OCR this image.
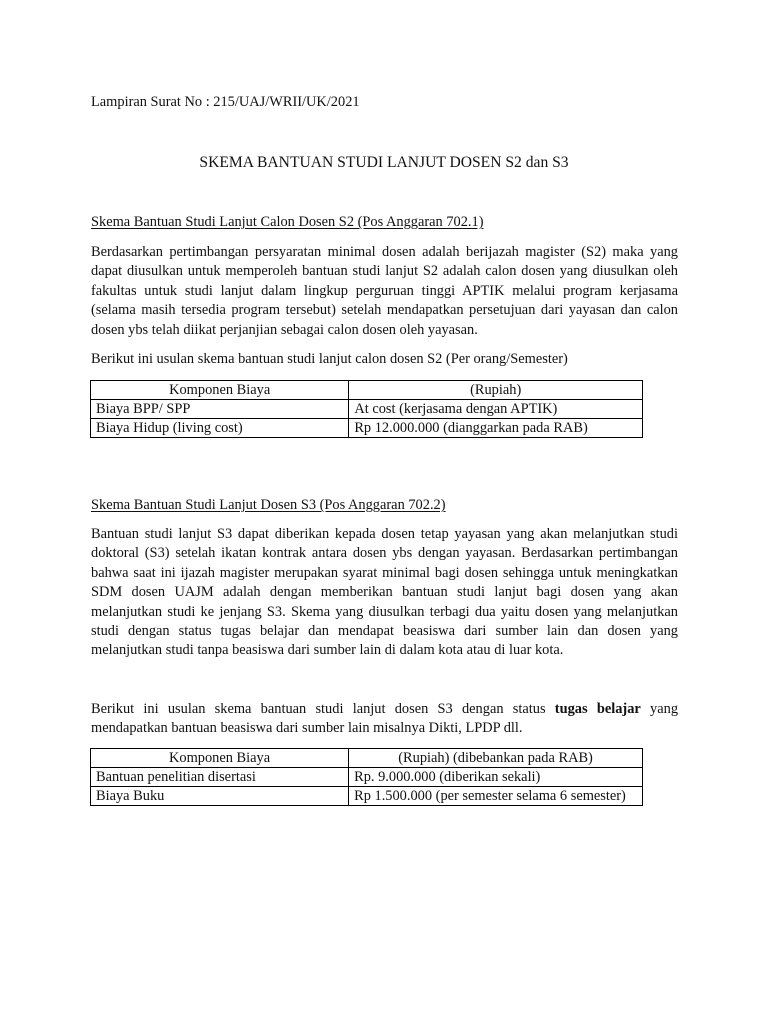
Lampiran Surat No : 215/UAJ/WRII/UK/2021
SKEMA BANTUAN STUDI LANJUT DOSEN S2 dan S3
Skema Bantuan Studi Lanjut Calon Dosen S2 (Pos Anggaran 702.1)

Berdasarkan pertimbangan persyaratan minimal dosen adalah berijazah magister (S2) maka yang dapat diusulkan untuk memperoleh bantuan studi lanjut S2 adalah calon dosen yang diusulkan oleh fakultas untuk studi lanjut dalam lingkup perguruan tinggi APTIK melalui program kerjasama (selama masih tersedia program tersebut) setelah mendapatkan persetujuan dari yayasan dan calon dosen ybs telah diikat perjanjian sebagai calon dosen oleh yayasan.

Berikut ini usulan skema bantuan studi lanjut calon dosen S2 (Per orang/Semester)

Komponen Biaya	(Rupiah)
Biaya BPP/ SPP	At cost (kerjasama dengan APTIK)
Biaya Hidup (living cost)	Rp 12.000.000 (dianggarkan pada RAB)
Skema Bantuan Studi Lanjut Dosen S3 (Pos Anggaran 702.2)

Bantuan studi lanjut S3 dapat diberikan kepada dosen tetap yayasan yang akan melanjutkan studi doktoral (S3) setelah ikatan kontrak antara dosen ybs dengan yayasan. Berdasarkan pertimbangan bahwa saat ini ijazah magister merupakan syarat minimal bagi dosen sehingga untuk meningkatkan SDM dosen UAJM adalah dengan memberikan bantuan studi lanjut bagi dosen yang akan melanjutkan studi ke jenjang S3. Skema yang diusulkan terbagi dua yaitu dosen yang melanjutkan studi dengan status tugas belajar dan mendapat beasiswa dari sumber lain dan dosen yang melanjutkan studi tanpa beasiswa dari sumber lain di dalam kota atau di luar kota.

Berikut ini usulan skema bantuan studi lanjut dosen S3 dengan status tugas belajar yang mendapatkan bantuan beasiswa dari sumber lain misalnya Dikti, LPDP dll.

Komponen Biaya	(Rupiah) (dibebankan pada RAB)
Bantuan penelitian disertasi	Rp. 9.000.000 (diberikan sekali)
Biaya Buku	Rp 1.500.000 (per semester selama 6 semester)
